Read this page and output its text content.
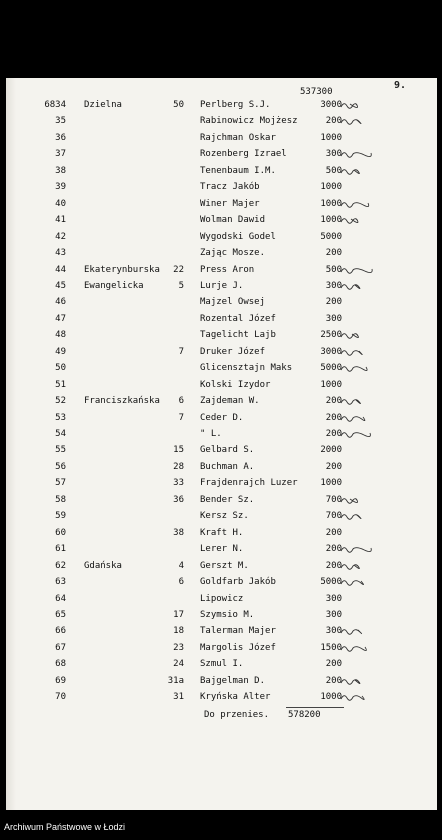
9.
537300
6834 Dzielna	50 Perlberg S.J.	3000
35	Rabinowicz Mojżesz	200
36	Rajchman Oskar	1000
37	Rozenberg Izrael	300
38	Tenenbaum I.M.	500
39	Tracz Jakób	1000
40	Winer Majer	1000
41	Wolman Dawid	1000
42	Wygodski Godel	5000
43	Zając Mosze.	200
44 Ekaterynburska	22 Press Aron	500
45 Ewangelicka	5 Lurje J.	300
46	Majzel Owsej	200
47	Rozental Józef	300
48	Tagelicht Lajb	2500
49	7 Druker Józef	3000
50	Glicensztajn Maks	5000
51	Kolski Izydor	1000
52 Franciszkańska	6 Zajdeman W.	200
53	7 Ceder D.	200
54	" L.	200
55	15 Gelbard S.	2000
56	28 Buchman A.	200
57	33 Frajdenrajch Luzer	1000
58	36 Bender Sz.	700
59	Kersz Sz.	700
60	38 Kraft H.	200
61	Lerer N.	200
62 Gdańska	4 Gerszt M.	200
63	6 Goldfarb Jakób	5000
64	Lipowicz	300
65	17 Szymsio M.	300
66	18 Talerman Majer	300
67	23 Margolis Józef	1500
68	24 Szmul I.	200
69	31a Bajgelman D.	200
70	31 Kryńska Alter	1000
Do przenies. 578200
Archiwum Państwowe w Łodzi
